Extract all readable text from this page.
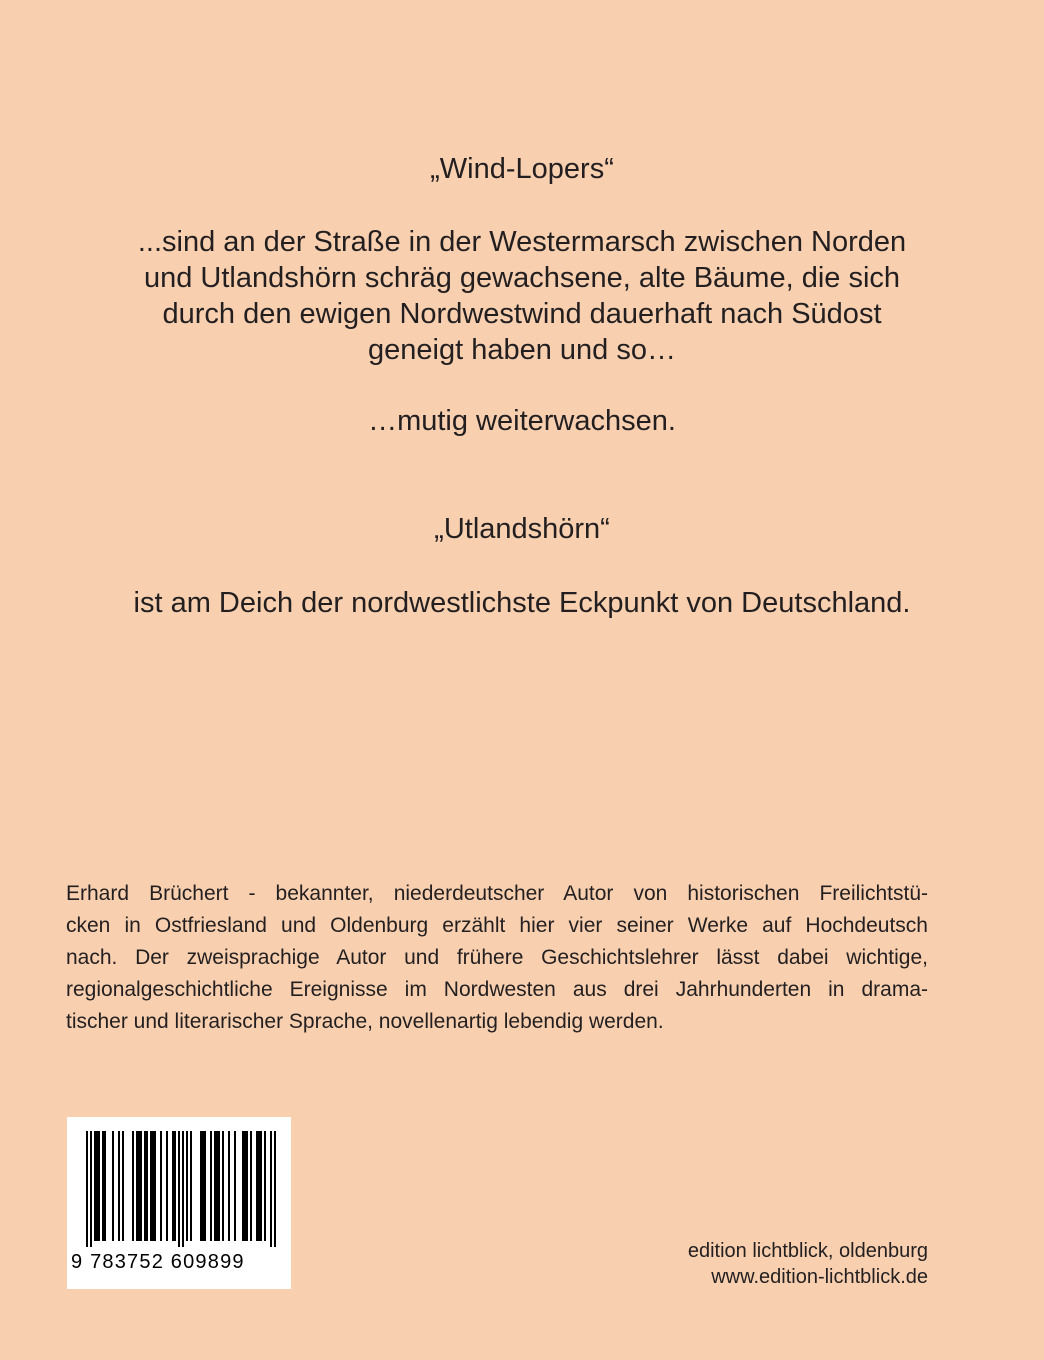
„Wind-Lopers“
...sind an der Straße in der Westermarsch zwischen Norden
und Utlandshörn schräg gewachsene, alte Bäume, die sich
durch den ewigen Nordwestwind dauerhaft nach Südost
geneigt haben und so…
…mutig weiterwachsen.
„Utlandshörn“
ist am Deich der nordwestlichste Eckpunkt von Deutschland.
Erhard Brüchert - bekannter, niederdeutscher Autor von historischen Freilichtstü-
cken in Ostfriesland und Oldenburg erzählt hier vier seiner Werke auf Hochdeutsch
nach. Der zweisprachige Autor und frühere Geschichtslehrer lässt dabei wichtige,
regionalgeschichtliche Ereignisse im Nordwesten aus drei Jahrhunderten in drama-
tischer und literarischer Sprache, novellenartig lebendig werden.
9 783752 609899	edition lichtblick, oldenburg
www.edition-lichtblick.de
